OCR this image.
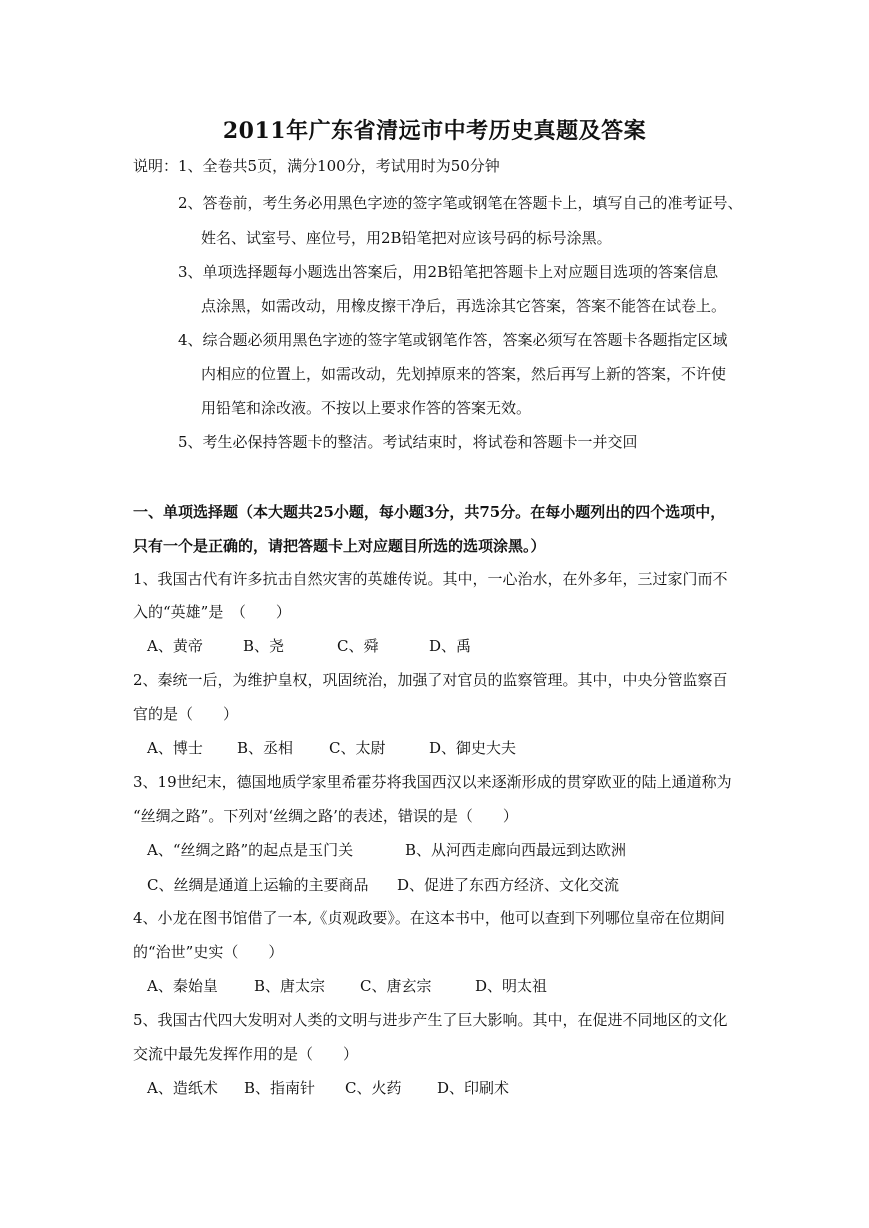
2011年广东省清远市中考历史真题及答案
说明：1、全卷共5页，满分100分，考试用时为50分钟
2、答卷前，考生务必用黑色字迹的签字笔或钢笔在答题卡上，填写自己的准考证号、
姓名、试室号、座位号，用2B铅笔把对应该号码的标号涂黑。
3、单项选择题每小题选出答案后，用2B铅笔把答题卡上对应题目选项的答案信息
点涂黑，如需改动，用橡皮擦干净后，再选涂其它答案，答案不能答在试卷上。
4、综合题必须用黑色字迹的签字笔或钢笔作答，答案必须写在答题卡各题指定区域
内相应的位置上，如需改动，先划掉原来的答案，然后再写上新的答案，不许使
用铅笔和涂改液。不按以上要求作答的答案无效。
5、考生必保持答题卡的整洁。考试结束时，将试卷和答题卡一并交回
一、单项选择题（本大题共25小题，每小题3分，共75分。在每小题列出的四个选项中，
只有一个是正确的，请把答题卡上对应题目所选的选项涂黑。）
1、我国古代有许多抗击自然灾害的英雄传说。其中，一心治水，在外多年，三过家门而不
入的“英雄”是　（　　）
A、黄帝	B、尧	C、舜	D、禹
2、秦统一后，为维护皇权，巩固统治，加强了对官员的监察管理。其中，中央分管监察百
官的是（　　）
A、博士 B、丞相 C、太尉	D、御史大夫
3、19世纪末，德国地质学家里希霍芬将我国西汉以来逐渐形成的贯穿欧亚的陆上通道称为
“丝绸之路”。下列对‘丝绸之路’的表述，错误的是（　　）
A、“丝绸之路”的起点是玉门关	B、从河西走廊向西最远到达欧洲
C、丝绸是通道上运输的主要商品 D、促进了东西方经济、文化交流
4、小龙在图书馆借了一本,《贞观政要》。在这本书中，他可以查到下列哪位皇帝在位期间
的“治世”史实（　　）
A、秦始皇 B、唐太宗 C、唐玄宗	D、明太祖
5、我国古代四大发明对人类的文明与进步产生了巨大影响。其中，在促进不同地区的文化
交流中最先发挥作用的是（　　）
A、造纸术 B、指南针 C、火药 D、印刷术
